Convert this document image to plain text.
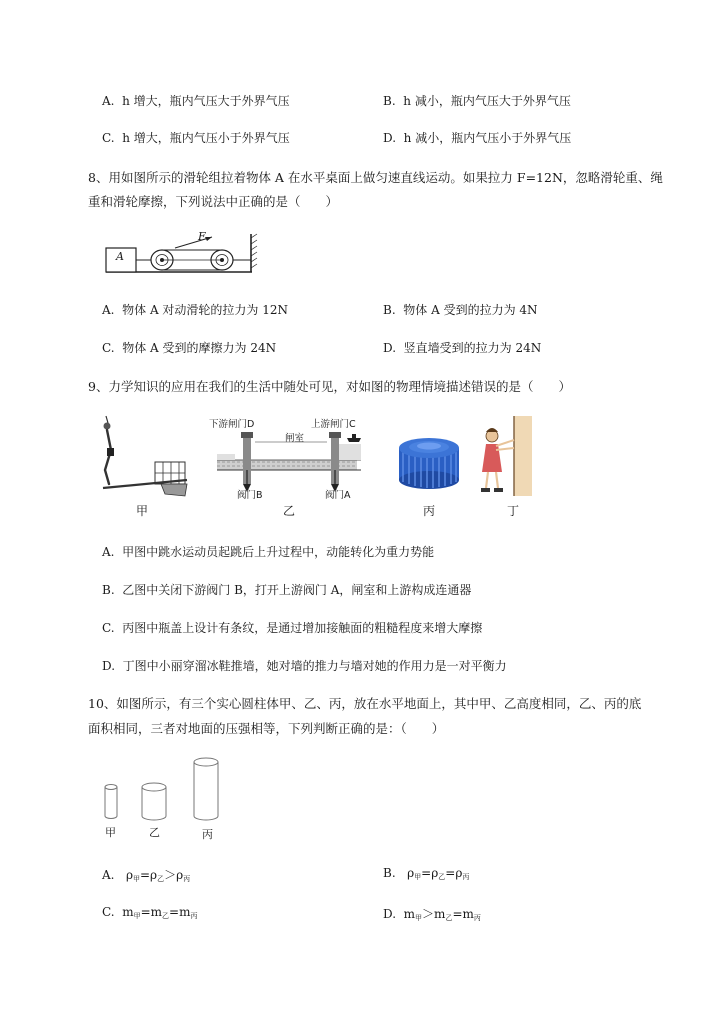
A. h 增大，瓶内气压大于外界气压	B. h 减小，瓶内气压大于外界气压
C. h 增大，瓶内气压小于外界气压	D. h 减小，瓶内气压小于外界气压
8、用如图所示的滑轮组拉着物体 A 在水平桌面上做匀速直线运动。如果拉力 F=12N，忽略滑轮重、绳
重和滑轮摩擦，下列说法中正确的是（　　）
A
F
A. 物体 A 对动滑轮的拉力为 12N	B. 物体 A 受到的拉力为 4N
C. 物体 A 受到的摩擦力为 24N	D. 竖直墙受到的拉力为 24N
9、力学知识的应用在我们的生活中随处可见，对如图的物理情境描述错误的是（　　）
甲
下游闸门D	上游闸门C
闸室
阀门B	阀门A
乙	丙	丁
A. 甲图中跳水运动员起跳后上升过程中，动能转化为重力势能
B. 乙图中关闭下游阀门 B，打开上游阀门 A，闸室和上游构成连通器
C. 丙图中瓶盖上设计有条纹，是通过增加接触面的粗糙程度来增大摩擦
D. 丁图中小丽穿溜冰鞋推墙，她对墙的推力与墙对她的作用力是一对平衡力
10、如图所示，有三个实心圆柱体甲、乙、丙，放在水平地面上，其中甲、乙高度相同，乙、丙的底
面积相同，三者对地面的压强相等，下列判断正确的是：（　　）
甲	乙	丙
A. $\rho_甲=\rho_乙>\rho_丙$	B. $\rho_甲=\rho_乙=\rho_丙$
C. $m_甲=m_乙=m_丙$	D. $m_甲>m_乙=m_丙$
